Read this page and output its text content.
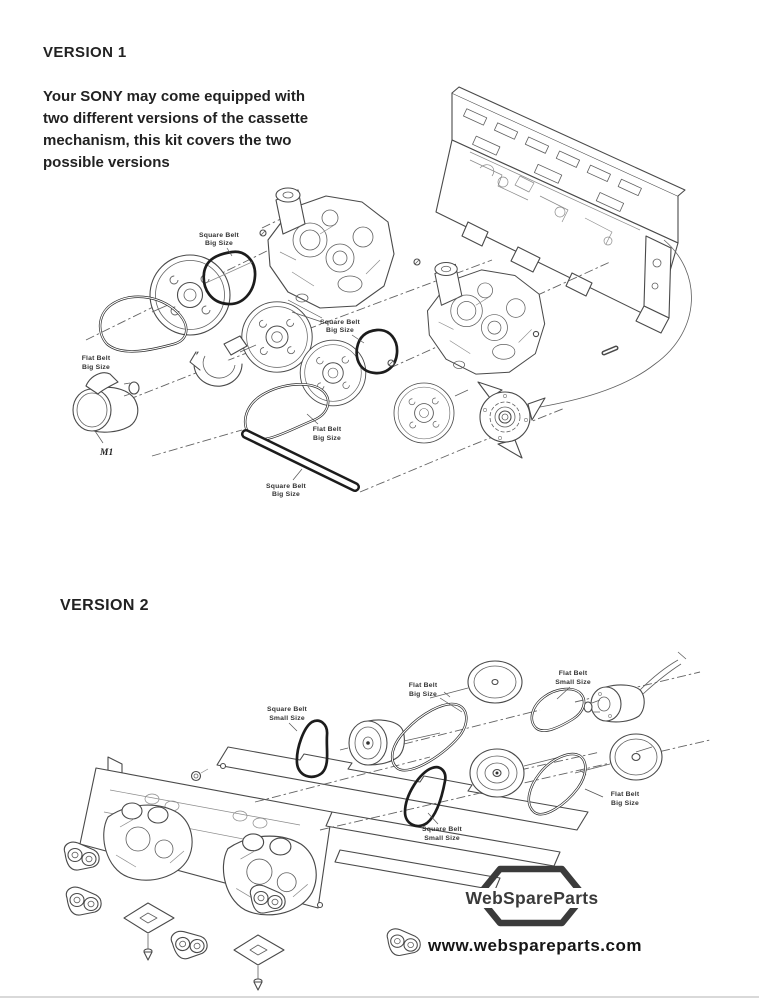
VERSION 1
Your SONY may come equipped with
two different versions of the cassette
mechanism, this kit covers the two
possible versions
Square Belt
Big Size
Flat Belt
Big Size
M1
Square Belt
Big Size
Flat Belt
Big Size
Square Belt
Big Size
VERSION 2
Square Belt
Small Size
Flat Belt
Big Size
Flat Belt
Small Size
Square Belt
Small Size
Flat Belt
Big Size
WebSpareParts
www.webspareparts.com
